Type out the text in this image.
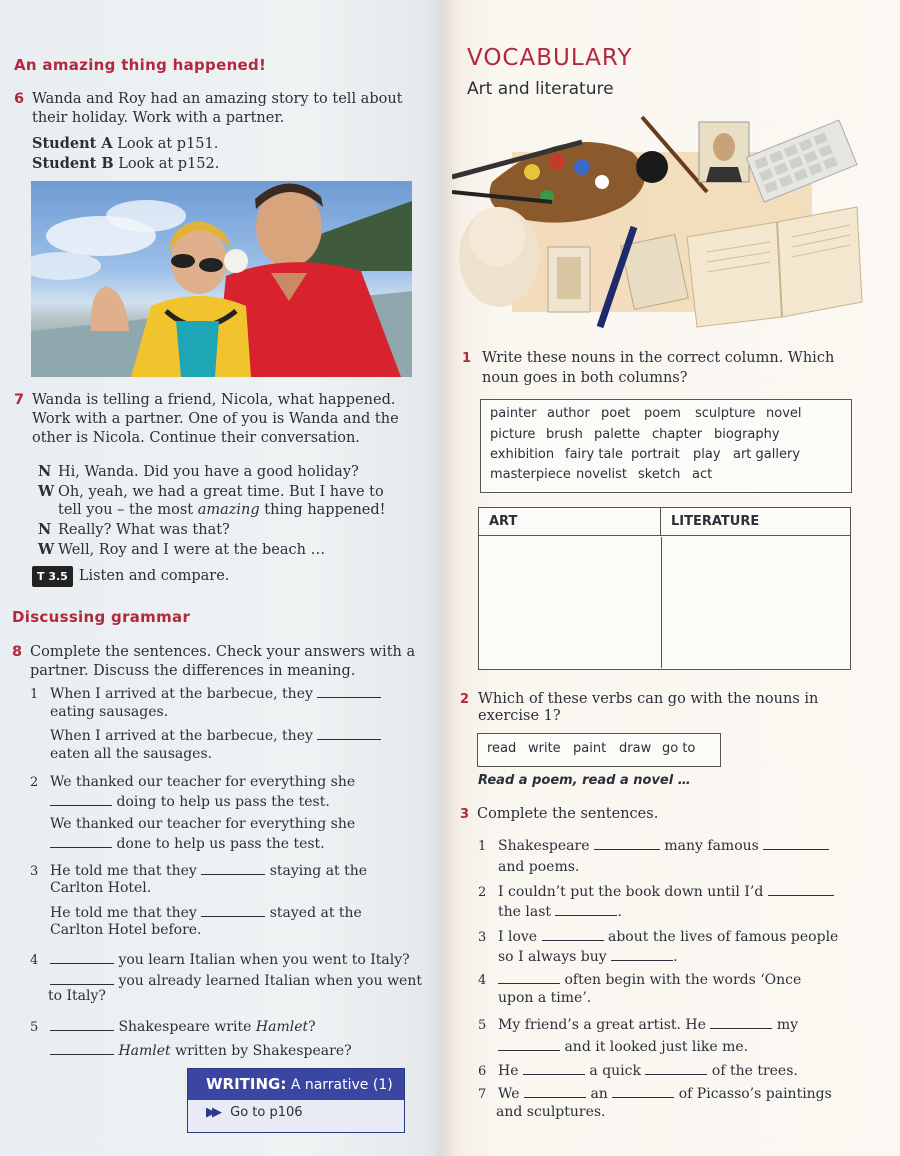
An amazing thing happened!
6 Wanda and Roy had an amazing story to tell about
their holiday. Work with a partner.
Student A Look at p151.
Student B Look at p152.
7 Wanda is telling a friend, Nicola, what happened.
Work with a partner. One of you is Wanda and the
other is Nicola. Continue their conversation.
N Hi, Wanda. Did you have a good holiday?
W Oh, yeah, we had a great time. But I have to
tell you – the most amazing thing happened!
N Really? What was that?
W Well, Roy and I were at the beach …
T 3.5 Listen and compare.
Discussing grammar
8 Complete the sentences. Check your answers with a
partner. Discuss the differences in meaning.
1 When I arrived at the barbecue, they
eating sausages.
When I arrived at the barbecue, they
eaten all the sausages.
2 We thanked our teacher for everything she
doing to help us pass the test.
We thanked our teacher for everything she
done to help us pass the test.
3 He told me that they	staying at the
Carlton Hotel.
He told me that they	stayed at the
Carlton Hotel before.
4	you learn Italian when you went to Italy?
you already learned Italian when you went
to Italy?
5	Shakespeare write Hamlet?
Hamlet written by Shakespeare?
WRITING: A narrative (1)
▶▶ Go to p106
VOCABULARY
Art and literature
1 Write these nouns in the correct column. Which
noun goes in both columns?
painter author poet poem sculpture novel
picture brush palette chapter biography
exhibition fairy tale portrait play art gallery
masterpiece novelist sketch act
ART	LITERATURE
2 Which of these verbs can go with the nouns in
exercise 1?
read write paint draw go to
Read a poem, read a novel …
3 Complete the sentences.
1 Shakespeare	many famous
and poems.
2 I couldn’t put the book down until I’d
the last	.
3 I love	about the lives of famous people
so I always buy	.
4	often begin with the words ‘Once
upon a time’.
5 My friend’s a great artist. He	my
and it looked just like me.
6 He	a quick	of the trees.
7 We	an	of Picasso’s paintings
and sculptures.
